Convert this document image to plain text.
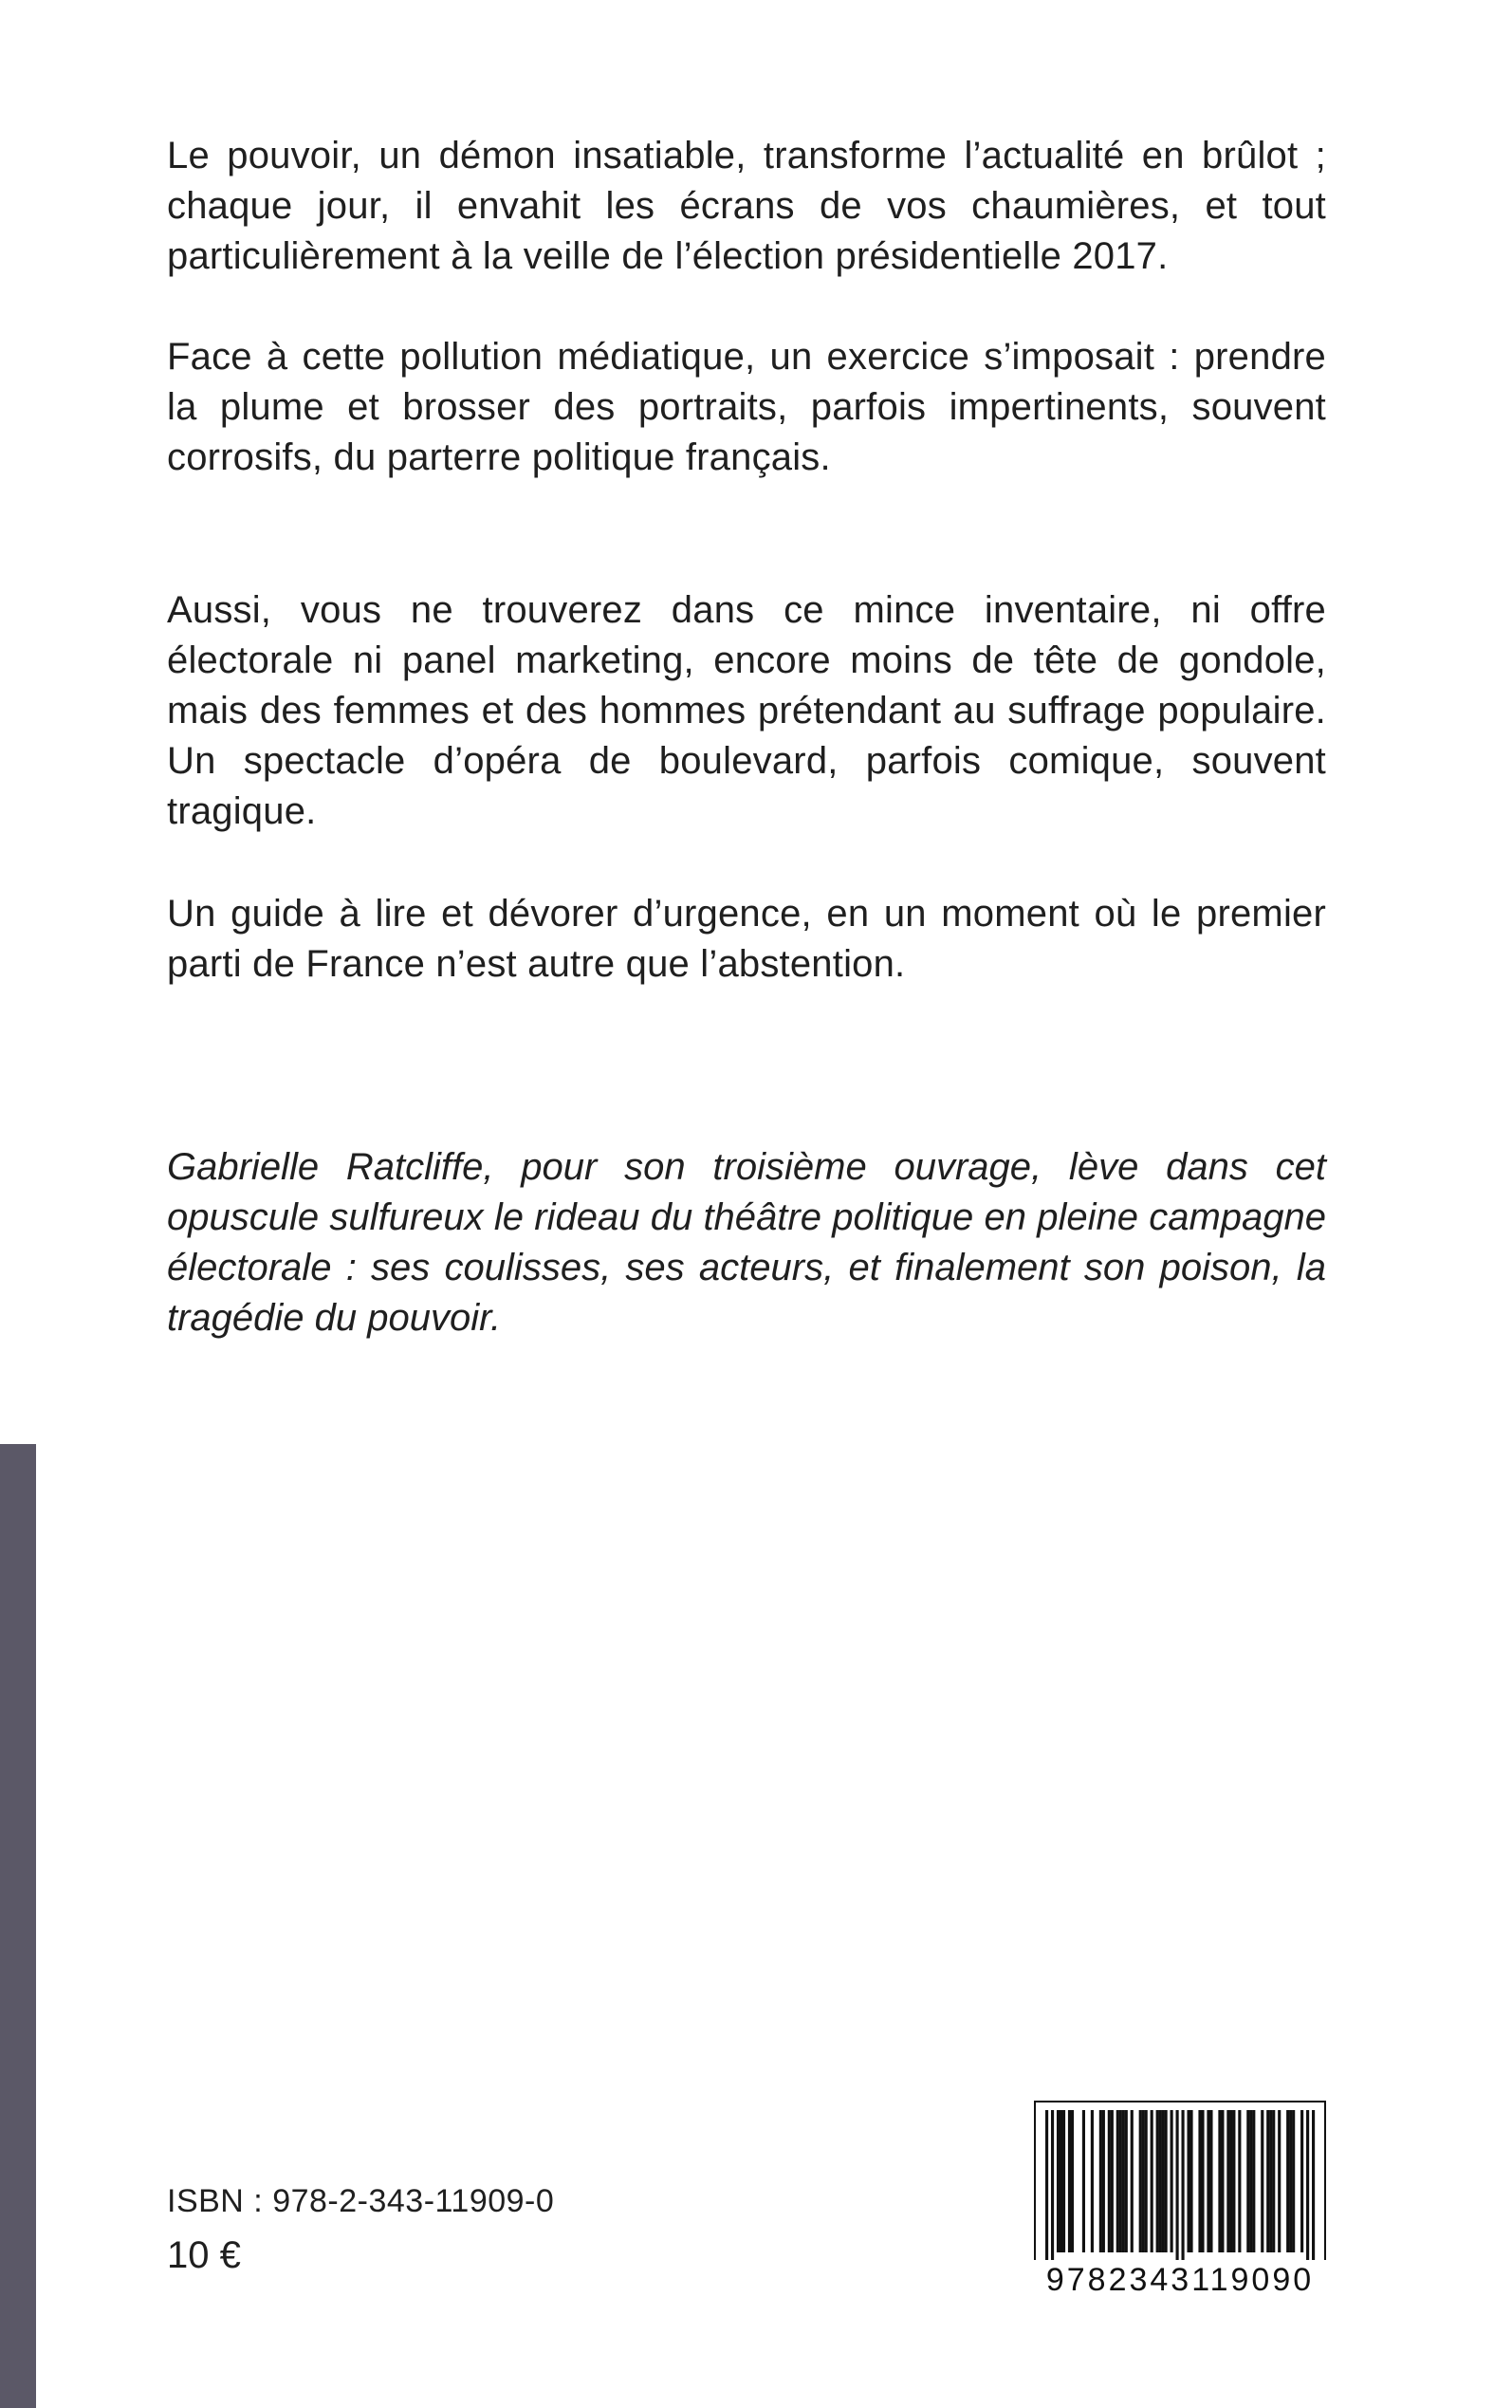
Le pouvoir, un démon insatiable, transforme l’actualité en brûlot ; chaque jour, il envahit les écrans de vos chaumières, et tout particulièrement à la veille de l’élection présidentielle 2017.

Face à cette pollution médiatique, un exercice s’imposait : prendre la plume et brosser des portraits, parfois impertinents, souvent corrosifs, du parterre politique français.

Aussi, vous ne trouverez dans ce mince inventaire, ni offre électorale ni panel marketing, encore moins de tête de gondole, mais des femmes et des hommes prétendant au suffrage populaire. Un spectacle d’opéra de boulevard, parfois comique, souvent tragique.

Un guide à lire et dévorer d’urgence, en un moment où le premier parti de France n’est autre que l’abstention.

Gabrielle Ratcliffe, pour son troisième ouvrage, lève dans cet opuscule sulfureux le rideau du théâtre politique en pleine campagne électorale : ses coulisses, ses acteurs, et finalement son poison, la tragédie du pouvoir.

ISBN : 978-2-343-11909-0
10 €
9782343119090
